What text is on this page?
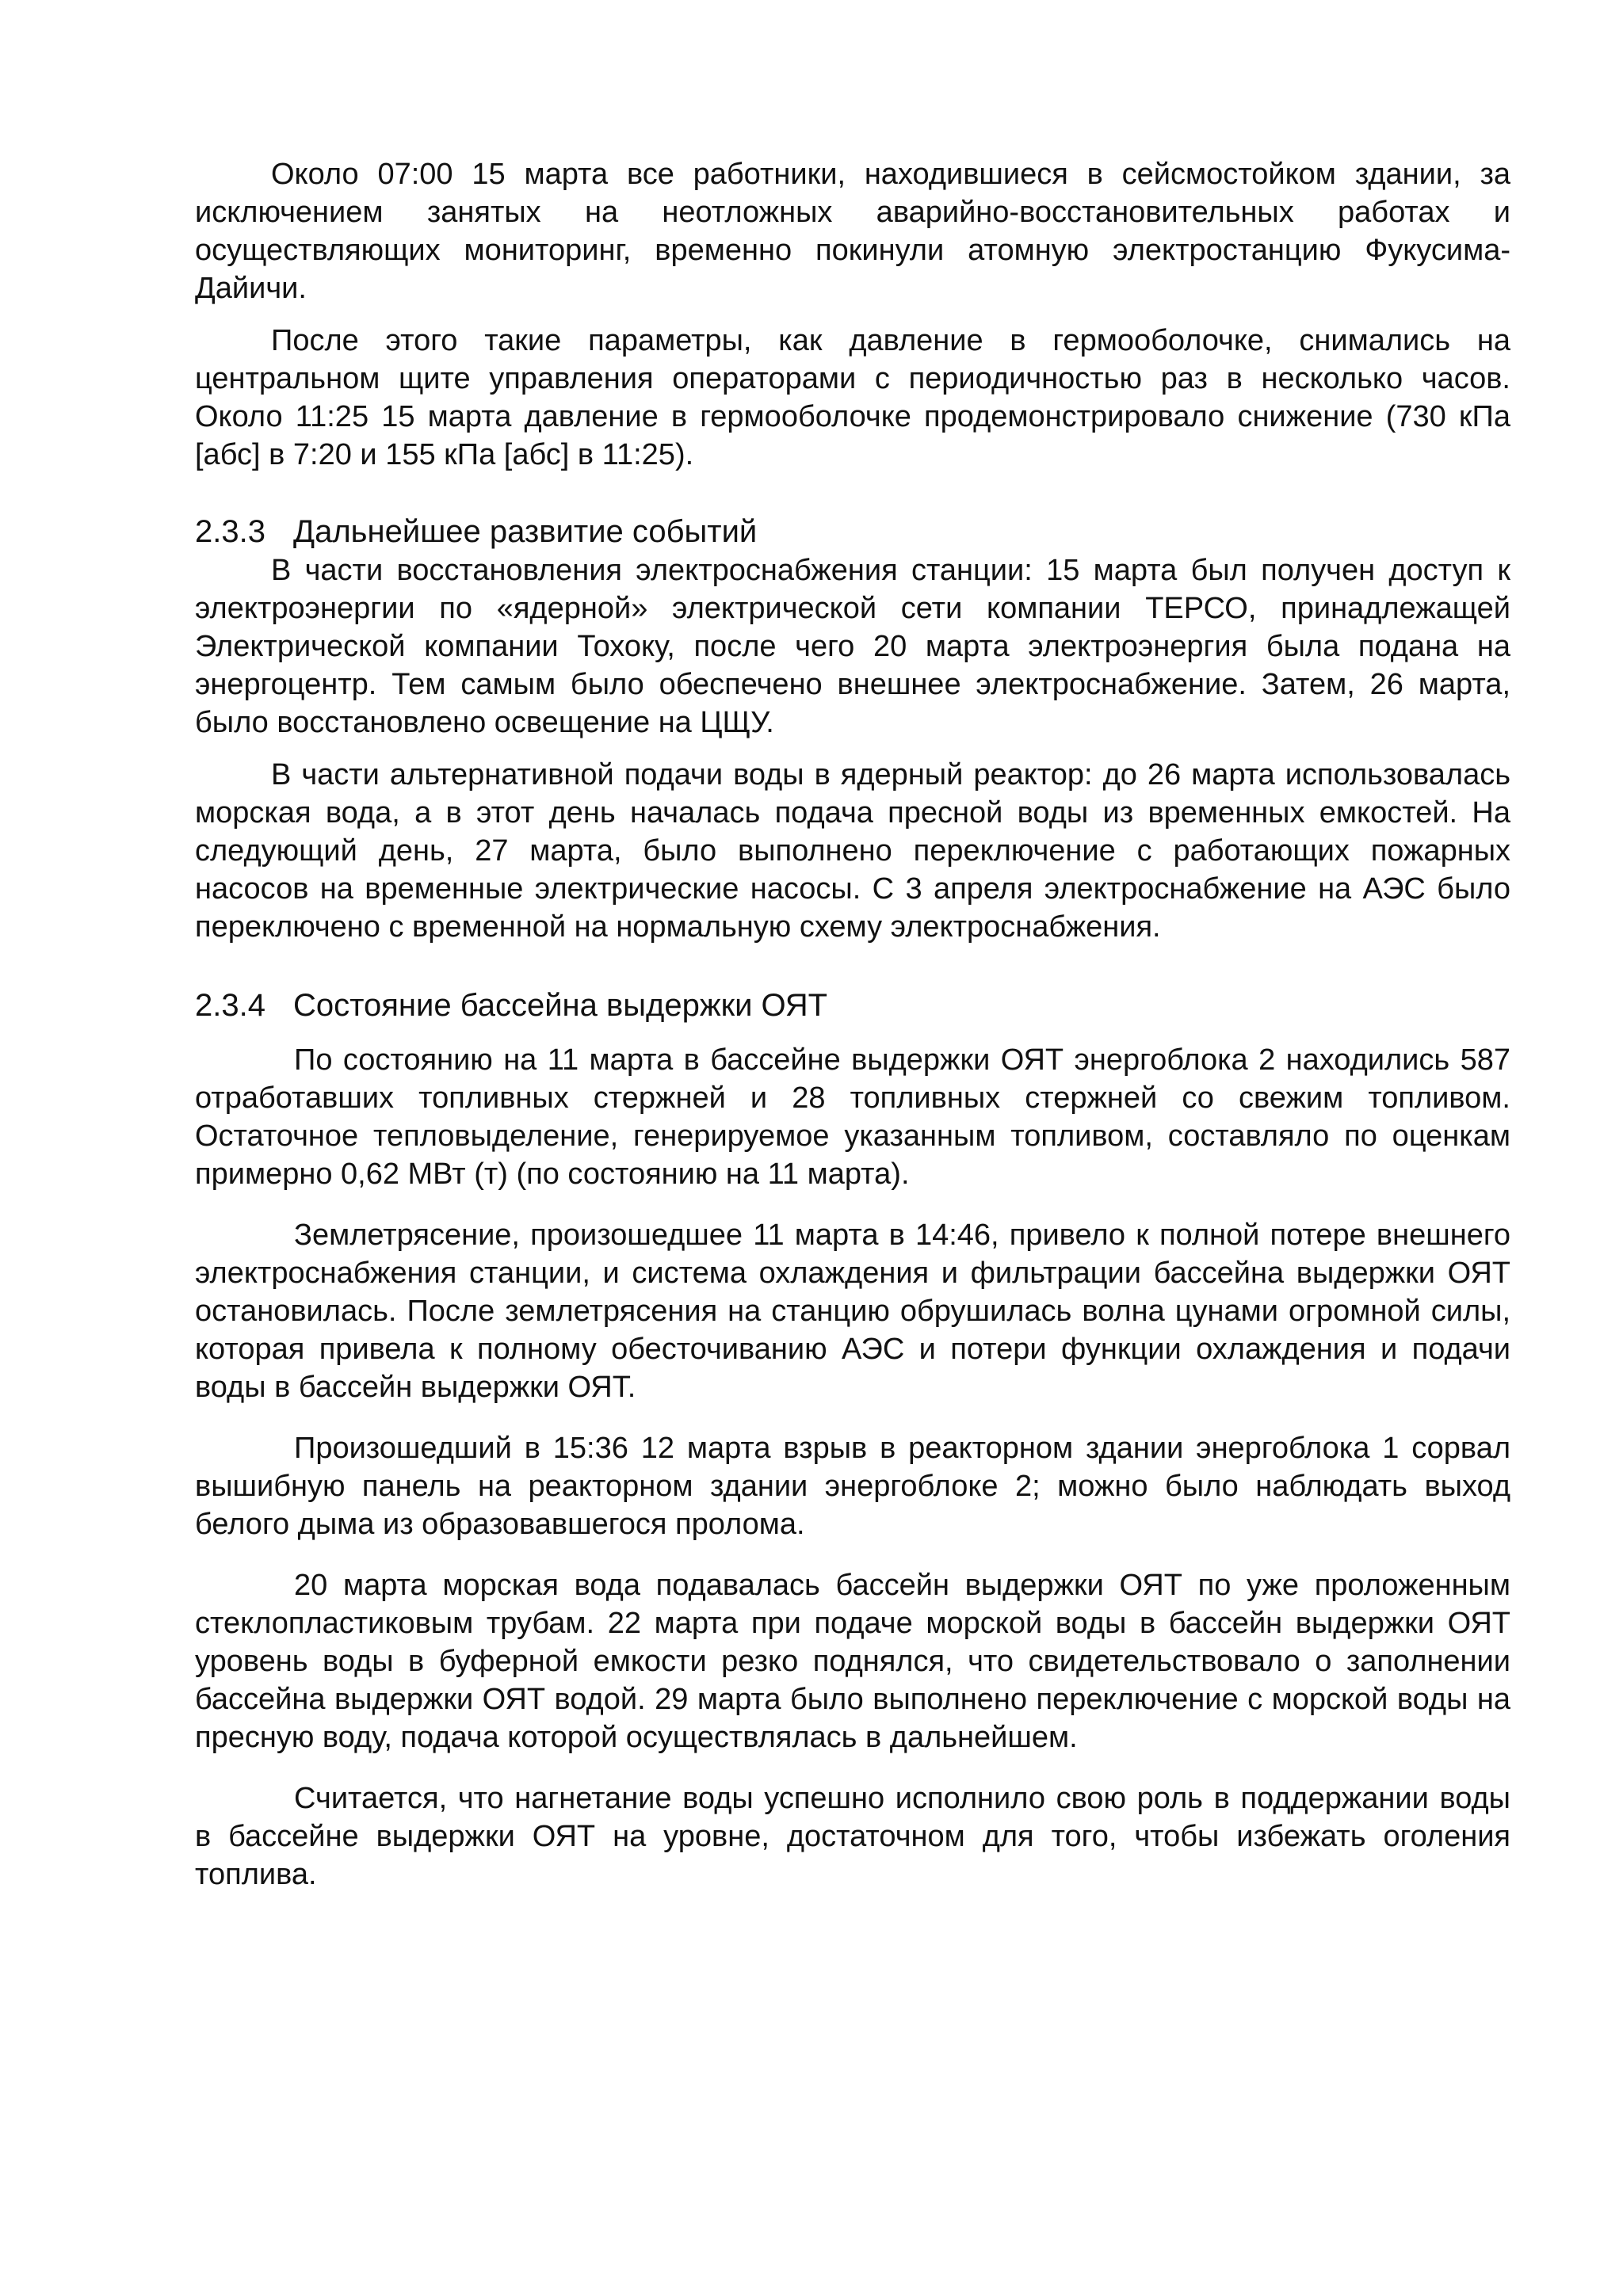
Около 07:00 15 марта все работники, находившиеся в сейсмостойком здании, за исключением занятых на неотложных аварийно-восстановительных работах и осуществляющих мониторинг, временно покинули атомную электростанцию Фукусима-Дайичи.

После этого такие параметры, как давление в гермооболочке, снимались на центральном щите управления операторами с периодичностью раз в несколько часов. Около 11:25 15 марта давление в гермооболочке продемонстрировало снижение (730 кПа [абс] в 7:20 и 155 кПа [абс] в 11:25).

2.3.3 Дальнейшее развитие событий

В части восстановления электроснабжения станции: 15 марта был получен доступ к электроэнергии по «ядерной» электрической сети компании ТЕРСО, принадлежащей Электрической компании Тохоку, после чего 20 марта электроэнергия была подана на энергоцентр. Тем самым было обеспечено внешнее электроснабжение. Затем, 26 марта, было восстановлено освещение на ЦЩУ.

В части альтернативной подачи воды в ядерный реактор: до 26 марта использовалась морская вода, а в этот день началась подача пресной воды из временных емкостей. На следующий день, 27 марта, было выполнено переключение с работающих пожарных насосов на временные электрические насосы. С 3 апреля электроснабжение на АЭС было переключено с временной на нормальную схему электроснабжения.

2.3.4 Состояние бассейна выдержки ОЯТ

По состоянию на 11 марта в бассейне выдержки ОЯТ энергоблока 2 находились 587 отработавших топливных стержней и 28 топливных стержней со свежим топливом. Остаточное тепловыделение, генерируемое указанным топливом, составляло по оценкам примерно 0,62 МВт (т) (по состоянию на 11 марта).

Землетрясение, произошедшее 11 марта в 14:46, привело к полной потере внешнего электроснабжения станции, и система охлаждения и фильтрации бассейна выдержки ОЯТ остановилась. После землетрясения на станцию обрушилась волна цунами огромной силы, которая привела к полному обесточиванию АЭС и потери функции охлаждения и подачи воды в бассейн выдержки ОЯТ.

Произошедший в 15:36 12 марта взрыв в реакторном здании энергоблока 1 сорвал вышибную панель на реакторном здании энергоблоке 2; можно было наблюдать выход белого дыма из образовавшегося пролома.

20 марта морская вода подавалась бассейн выдержки ОЯТ по уже проложенным стеклопластиковым трубам. 22 марта при подаче морской воды в бассейн выдержки ОЯТ уровень воды в буферной емкости резко поднялся, что свидетельствовало о заполнении бассейна выдержки ОЯТ водой. 29 марта было выполнено переключение с морской воды на пресную воду, подача которой осуществлялась в дальнейшем.

Считается, что нагнетание воды успешно исполнило свою роль в поддержании воды в бассейне выдержки ОЯТ на уровне, достаточном для того, чтобы избежать оголения топлива.
